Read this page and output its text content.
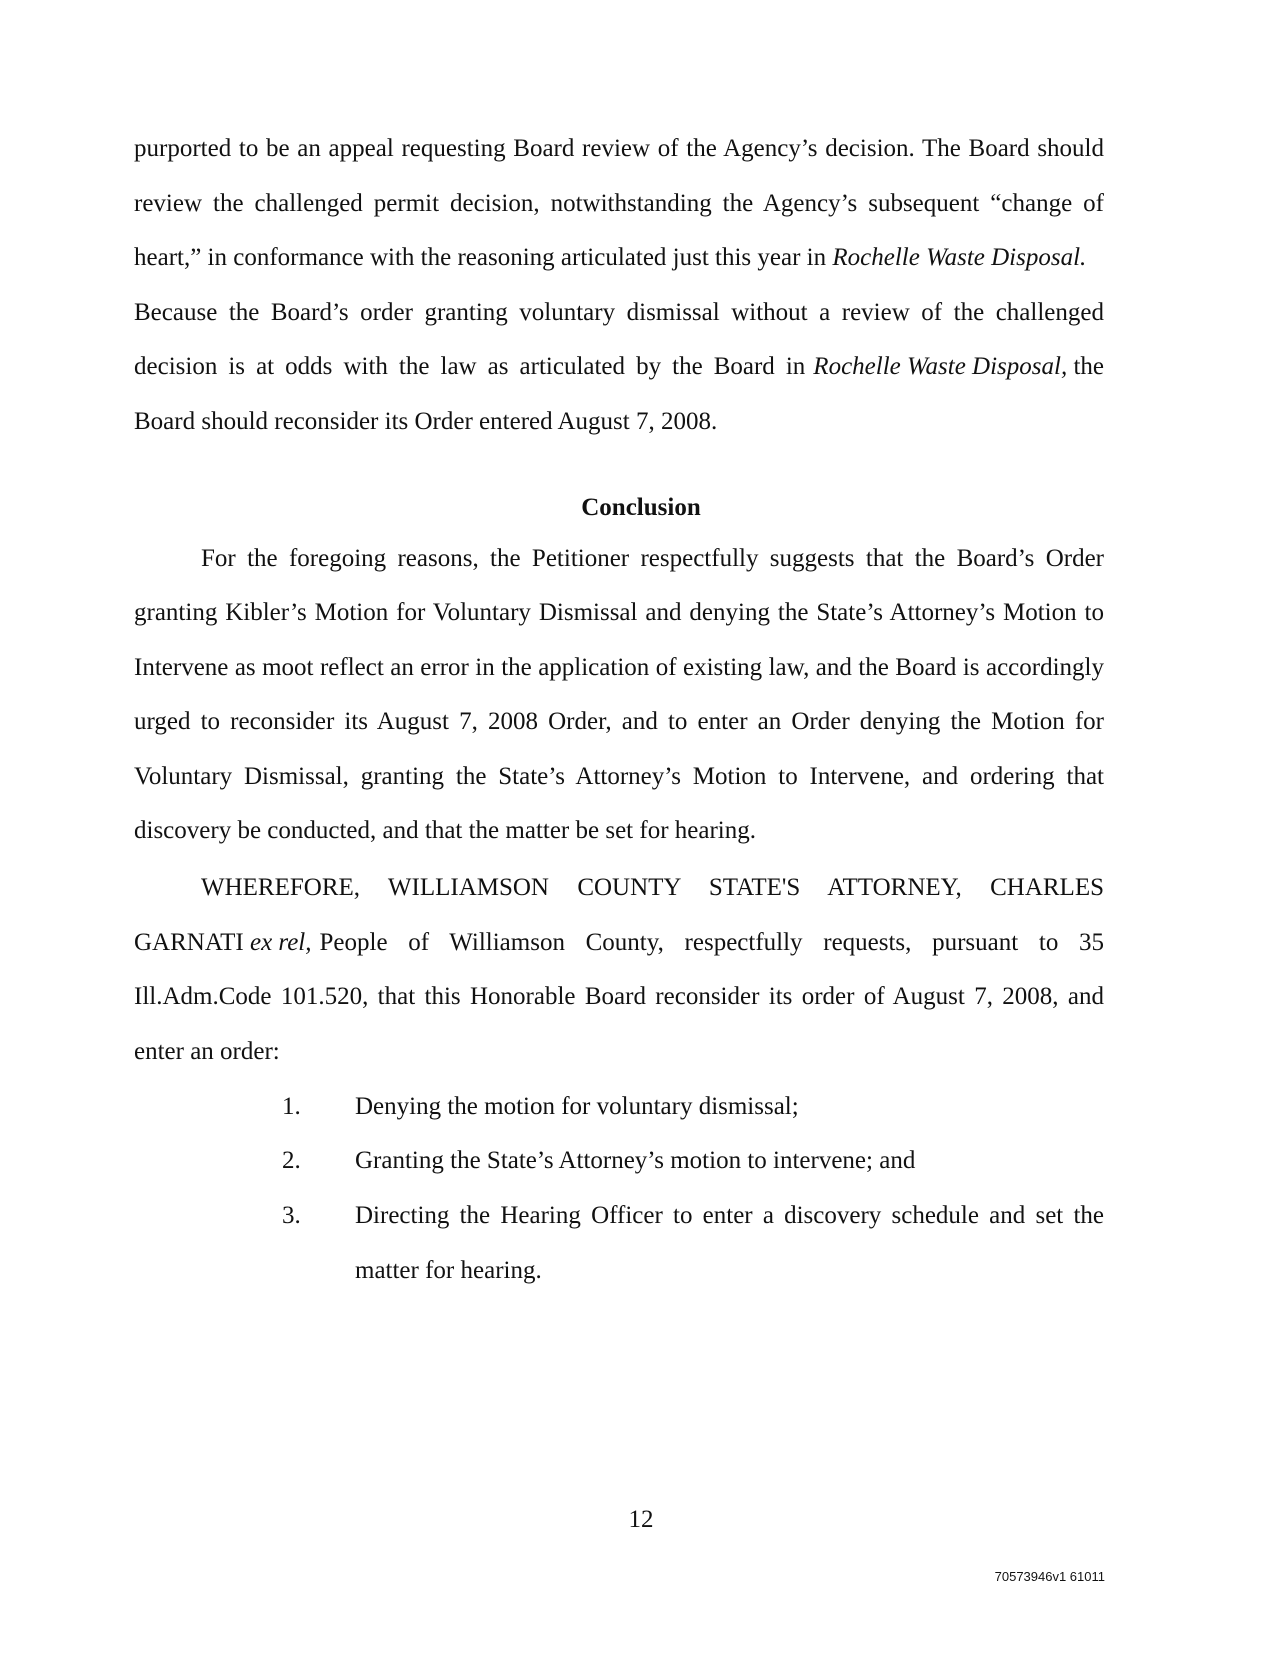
purported to be an appeal requesting Board review of the Agency’s decision. The Board should
review the challenged permit decision, notwithstanding the Agency’s subsequent “change of
heart,” in conformance with the reasoning articulated just this year in Rochelle Waste Disposal.
Because the Board’s order granting voluntary dismissal without a review of the challenged
decision is at odds with the law as articulated by the Board in Rochelle Waste Disposal, the
Board should reconsider its Order entered August 7, 2008.
Conclusion
For the foregoing reasons, the Petitioner respectfully suggests that the Board’s Order
granting Kibler’s Motion for Voluntary Dismissal and denying the State’s Attorney’s Motion to
Intervene as moot reflect an error in the application of existing law, and the Board is accordingly
urged to reconsider its August 7, 2008 Order, and to enter an Order denying the Motion for
Voluntary Dismissal, granting the State’s Attorney’s Motion to Intervene, and ordering that
discovery be conducted, and that the matter be set for hearing.
WHEREFORE, WILLIAMSON COUNTY STATE'S ATTORNEY, CHARLES
GARNATI ex rel, People of Williamson County, respectfully requests, pursuant to 35
Ill.Adm.Code 101.520, that this Honorable Board reconsider its order of August 7, 2008, and
enter an order:
1. Denying the motion for voluntary dismissal;
2. Granting the State’s Attorney’s motion to intervene; and
3. Directing the Hearing Officer to enter a discovery schedule and set the
matter for hearing.
12
70573946v1 61011
